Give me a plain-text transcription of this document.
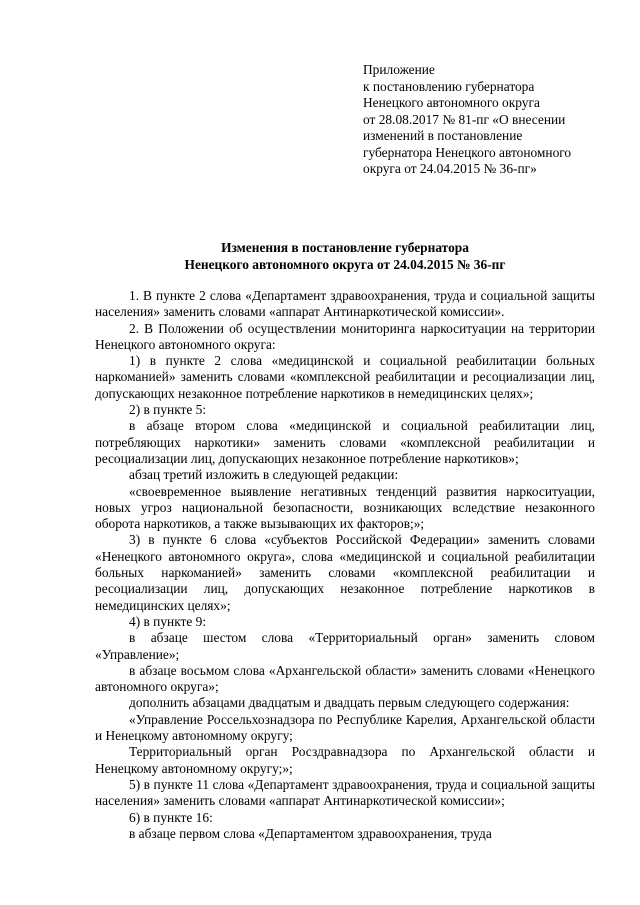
Приложение
к постановлению губернатора
Ненецкого автономного округа
от 28.08.2017 № 81-пг «О внесении
изменений в постановление
губернатора Ненецкого автономного
округа от 24.04.2015 № 36-пг»
Изменения в постановление губернатора
Ненецкого автономного округа от 24.04.2015 № 36-пг

1. В пункте 2 слова «Департамент здравоохранения, труда и социальной защиты населения» заменить словами «аппарат Антинаркотической комиссии».

2. В Положении об осуществлении мониторинга наркоситуации на территории Ненецкого автономного округа:

1) в пункте 2 слова «медицинской и социальной реабилитации больных наркоманией» заменить словами «комплексной реабилитации и ресоциализации лиц, допускающих незаконное потребление наркотиков в немедицинских целях»;

2) в пункте 5:

в абзаце втором слова «медицинской и социальной реабилитации лиц, потребляющих наркотики» заменить словами «комплексной реабилитации и ресоциализации лиц, допускающих незаконное потребление наркотиков»;

абзац третий изложить в следующей редакции:

«своевременное выявление негативных тенденций развития наркоситуации, новых угроз национальной безопасности, возникающих вследствие незаконного оборота наркотиков, а также вызывающих их факторов;»;

3) в пункте 6 слова «субъектов Российской Федерации» заменить словами «Ненецкого автономного округа», слова «медицинской и социальной реабилитации больных наркоманией» заменить словами «комплексной реабилитации и ресоциализации лиц, допускающих незаконное потребление наркотиков в немедицинских целях»;

4) в пункте 9:

в абзаце шестом слова «Территориальный орган» заменить словом «Управление»;

в абзаце восьмом слова «Архангельской области» заменить словами «Ненецкого автономного округа»;

дополнить абзацами двадцатым и двадцать первым следующего содержания:

«Управление Россельхознадзора по Республике Карелия, Архангельской области и Ненецкому автономному округу;

Территориальный орган Росздравнадзора по Архангельской области и Ненецкому автономному округу;»;

5) в пункте 11 слова «Департамент здравоохранения, труда и социальной защиты населения» заменить словами «аппарат Антинаркотической комиссии»;

6) в пункте 16:

в абзаце первом слова «Департаментом здравоохранения, труда
